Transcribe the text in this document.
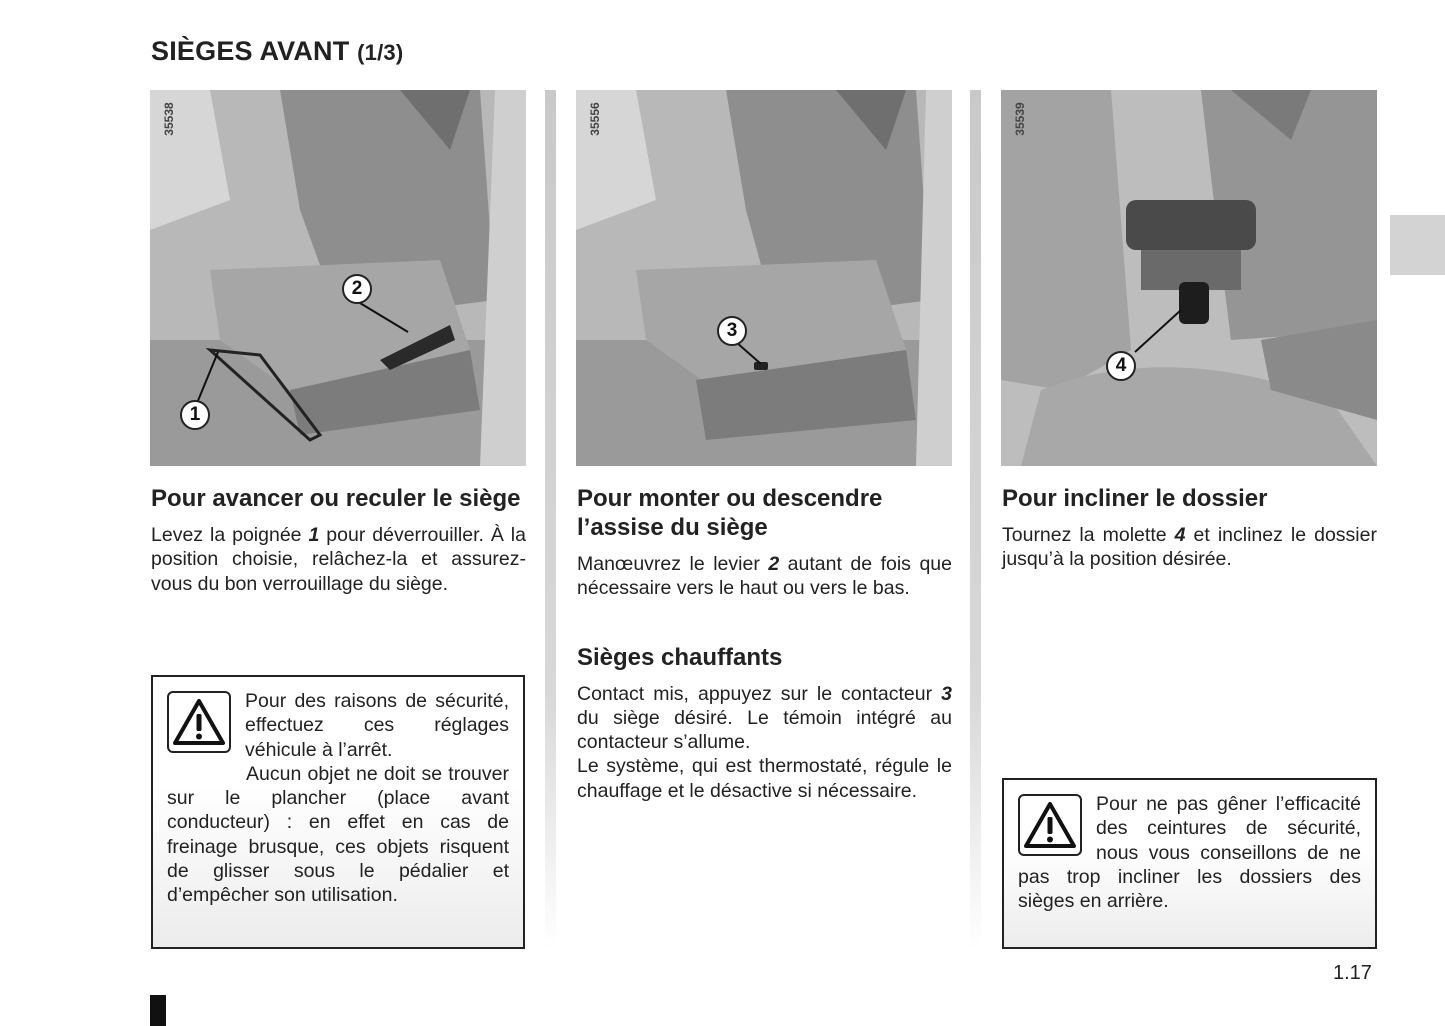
SIÈGES AVANT (1/3)
35538
2
1
Pour avancer ou reculer le siège

Levez la poignée 1 pour déverrouiller. À la position choisie, relâchez-la et assurez-vous du bon verrouillage du siège.

35556
3
Pour monter ou descendre l’assise du siège

Manœuvrez le levier 2 autant de fois que nécessaire vers le haut ou vers le bas.

Sièges chauffants

Contact mis, appuyez sur le contacteur 3 du siège désiré. Le témoin intégré au contacteur s’allume.
Le système, qui est thermostaté, régule le chauffage et le désactive si nécessaire.

35539
4
Pour incliner le dossier

Tournez la molette 4 et inclinez le dossier jusqu’à la position désirée.

Pour des raisons de sécurité, effectuez ces réglages véhicule à l’arrêt.

Aucun objet ne doit se trouver sur le plancher (place avant conducteur) : en effet en cas de freinage brusque, ces objets risquent de glisser sous le pédalier et d’empêcher son utilisation.

Pour ne pas gêner l’efficacité des ceintures de sécurité, nous vous conseillons de ne pas trop incliner les dossiers des sièges en arrière.

1.17
